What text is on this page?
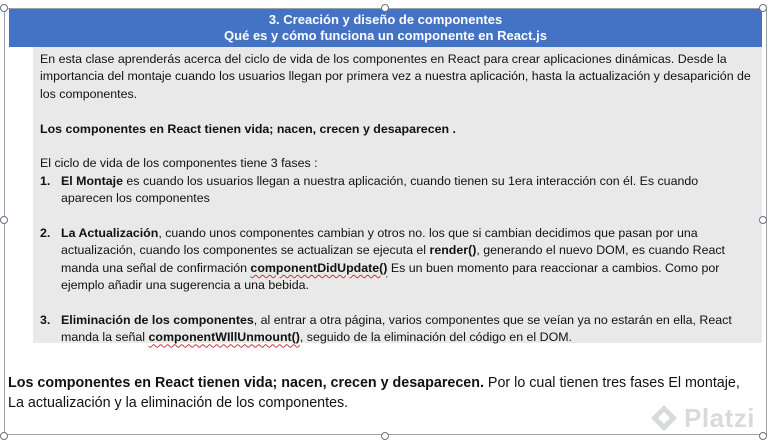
3. Creación y diseño de componentes
Qué es y cómo funciona un componente en React.js

En esta clase aprenderás acerca del ciclo de vida de los componentes en React para crear aplicaciones dinámicas. Desde la importancia del montaje cuando los usuarios llegan por primera vez a nuestra aplicación, hasta la actualización y desaparición de los componentes.

Los componentes en React tienen vida; nacen, crecen y desaparecen .

El ciclo de vida de los componentes tiene 3 fases :

1. El Montaje es cuando los usuarios llegan a nuestra aplicación, cuando tienen su 1era interacción con él. Es cuando aparecen los componentes
2. La Actualización, cuando unos componentes cambian y otros no. los que si cambian decidimos que pasan por una actualización, cuando los componentes se actualizan se ejecuta el render(), generando el nuevo DOM, es cuando React manda una señal de confirmación componentDidUpdate() Es un buen momento para reaccionar a cambios. Como por ejemplo añadir una sugerencia a una bebida.
3. Eliminación de los componentes, al entrar a otra página, varios componentes que se veían ya no estarán en ella, React manda la señal componentWIllUnmount(), seguido de la eliminación del código en el DOM.
Los componentes en React tienen vida; nacen, crecen y desaparecen. Por lo cual tienen tres fases El montaje, La actualización y la eliminación de los componentes.	Platzi
